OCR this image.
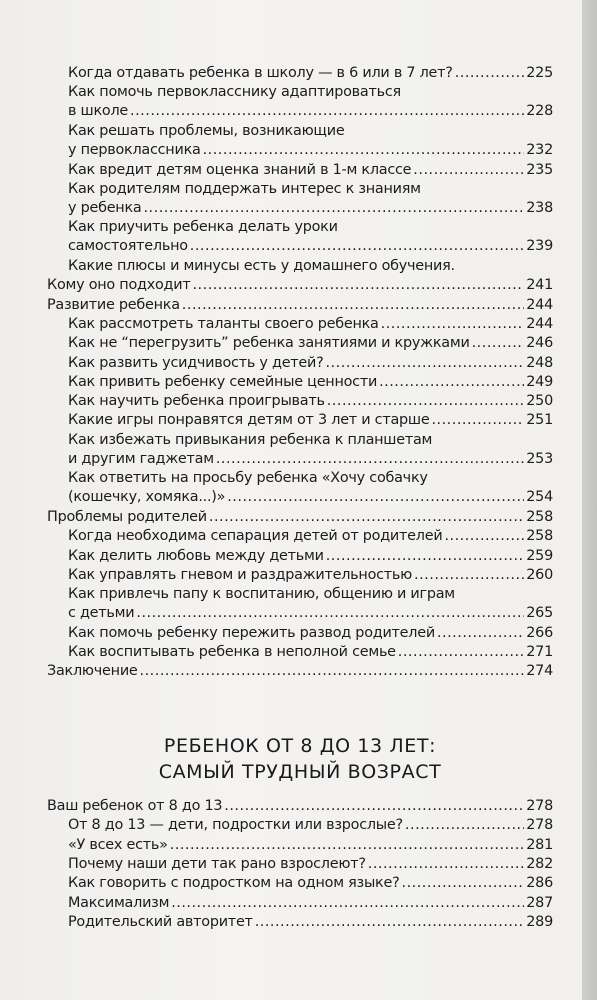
Когда отдавать ребенка в школу — в 6 или в 7 лет? .....	225
Как помочь первокласснику адаптироваться
в школе .....	228
Как решать проблемы, возникающие
у первоклассника .....	232
Как вредит детям оценка знаний в 1-м классе .....	235
Как родителям поддержать интерес к знаниям
у ребенка .....	238
Как приучить ребенка делать уроки
самостоятельно .....	239
Какие плюсы и минусы есть у домашнего обучения.
Кому оно подходит .....	241
Развитие ребенка .....	244
Как рассмотреть таланты своего ребенка .....	244
Как не “перегрузить” ребенка занятиями и кружками .....	246
Как развить усидчивость у детей? .....	248
Как привить ребенку семейные ценности .....	249
Как научить ребенка проигрывать .....	250
Какие игры понравятся детям от 3 лет и старше .....	251
Как избежать привыкания ребенка к планшетам
и другим гаджетам .....	253
Как ответить на просьбу ребенка «Хочу собачку
(кошечку, хомяка...)» .....	254
Проблемы родителей .....	258
Когда необходима сепарация детей от родителей .....	258
Как делить любовь между детьми .....	259
Как управлять гневом и раздражительностью .....	260
Как привлечь папу к воспитанию, общению и играм
с детьми .....	265
Как помочь ребенку пережить развод родителей .....	266
Как воспитывать ребенка в неполной семье .....	271
Заключение .....	274
Ваш ребенок от 8 до 13 .....	278
От 8 до 13 — дети, подростки или взрослые? .....	278
«У всех есть» .....	281
Почему наши дети так рано взрослеют? .....	282
Как говорить с подростком на одном языке? .....	286
Максимализм .....	287
Родительский авторитет .....	289
РЕБЕНОК ОТ 8 ДО 13 ЛЕТ:
САМЫЙ ТРУДНЫЙ ВОЗРАСТ
